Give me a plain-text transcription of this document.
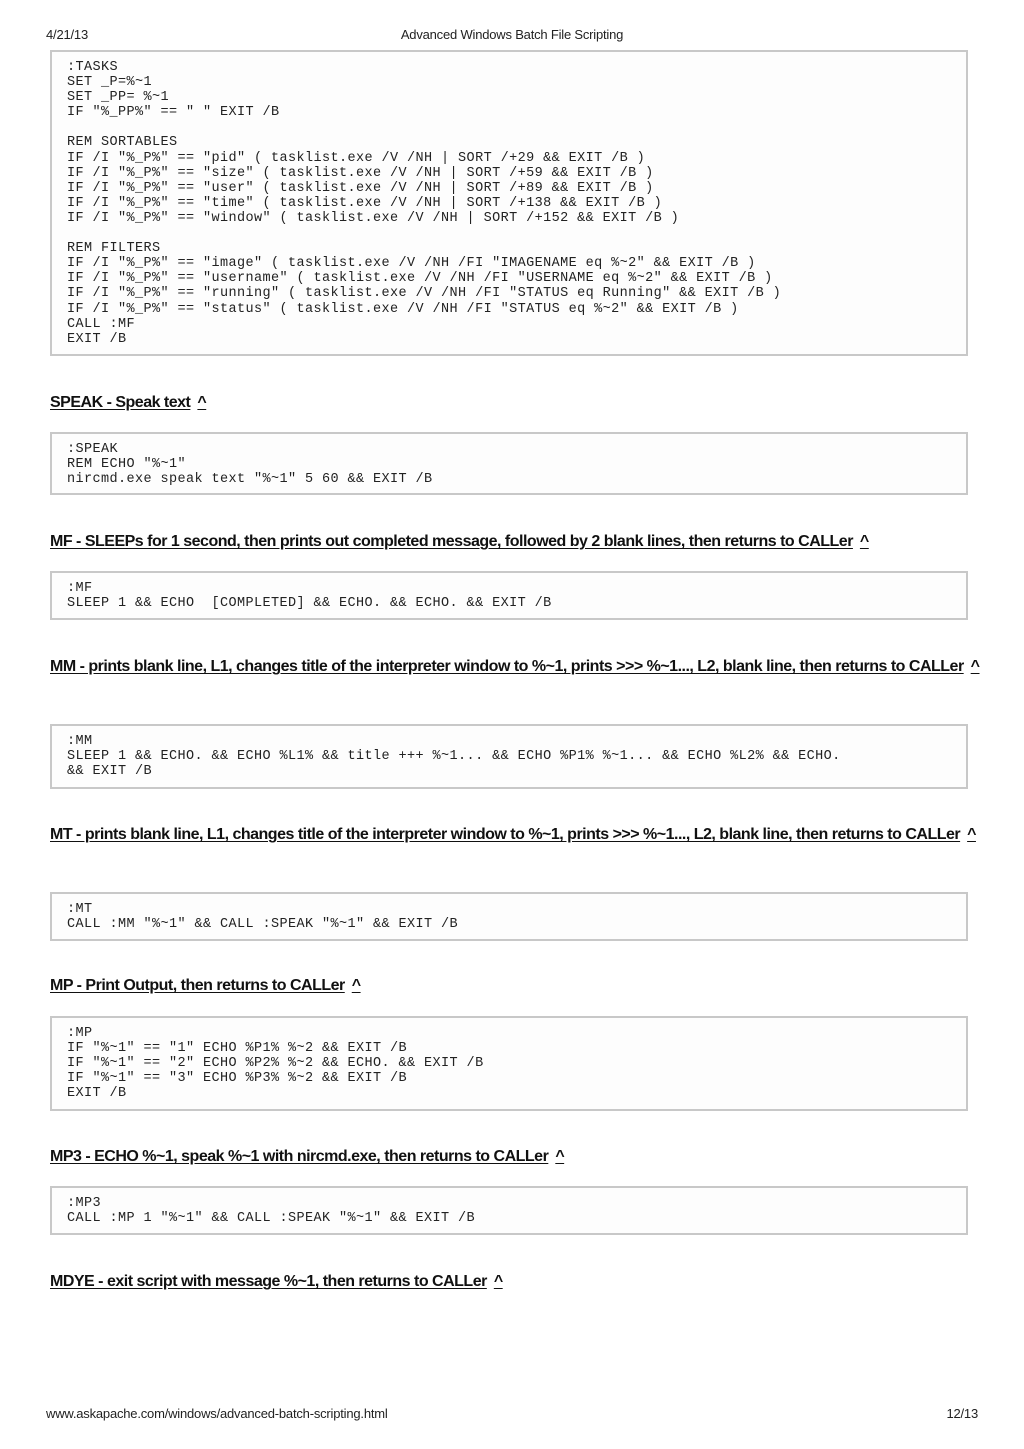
4/21/13	Advanced Windows Batch File Scripting
:TASKS
SET _P=%~1
SET _PP= %~1
IF "%_PP%" == " " EXIT /B

REM SORTABLES
IF /I "%_P%" == "pid" ( tasklist.exe /V /NH | SORT /+29 && EXIT /B )
IF /I "%_P%" == "size" ( tasklist.exe /V /NH | SORT /+59 && EXIT /B )
IF /I "%_P%" == "user" ( tasklist.exe /V /NH | SORT /+89 && EXIT /B )
IF /I "%_P%" == "time" ( tasklist.exe /V /NH | SORT /+138 && EXIT /B )
IF /I "%_P%" == "window" ( tasklist.exe /V /NH | SORT /+152 && EXIT /B )

REM FILTERS
IF /I "%_P%" == "image" ( tasklist.exe /V /NH /FI "IMAGENAME eq %~2" && EXIT /B )
IF /I "%_P%" == "username" ( tasklist.exe /V /NH /FI "USERNAME eq %~2" && EXIT /B )
IF /I "%_P%" == "running" ( tasklist.exe /V /NH /FI "STATUS eq Running" && EXIT /B )
IF /I "%_P%" == "status" ( tasklist.exe /V /NH /FI "STATUS eq %~2" && EXIT /B )
CALL :MF
EXIT /B
SPEAK - Speak text ^
:SPEAK
REM ECHO "%~1"
nircmd.exe speak text "%~1" 5 60 && EXIT /B
MF - SLEEPs for 1 second, then prints out completed message, followed by 2 blank lines, then returns to CALLer ^
:MF
SLEEP 1 && ECHO  [COMPLETED] && ECHO. && ECHO. && EXIT /B
MM - prints blank line, L1, changes title of the interpreter window to %~1, prints >>> %~1..., L2, blank line, then returns to CALLer ^
:MM
SLEEP 1 && ECHO. && ECHO %L1% && title +++ %~1... && ECHO %P1% %~1... && ECHO %L2% && ECHO.
&& EXIT /B
MT - prints blank line, L1, changes title of the interpreter window to %~1, prints >>> %~1..., L2, blank line, then returns to CALLer ^
:MT
CALL :MM "%~1" && CALL :SPEAK "%~1" && EXIT /B
MP - Print Output, then returns to CALLer ^
:MP
IF "%~1" == "1" ECHO %P1% %~2 && EXIT /B
IF "%~1" == "2" ECHO %P2% %~2 && ECHO. && EXIT /B
IF "%~1" == "3" ECHO %P3% %~2 && EXIT /B
EXIT /B
MP3 - ECHO %~1, speak %~1 with nircmd.exe, then returns to CALLer ^
:MP3
CALL :MP 1 "%~1" && CALL :SPEAK "%~1" && EXIT /B
MDYE - exit script with message %~1, then returns to CALLer ^
www.askapache.com/windows/advanced-batch-scripting.html	12/13
